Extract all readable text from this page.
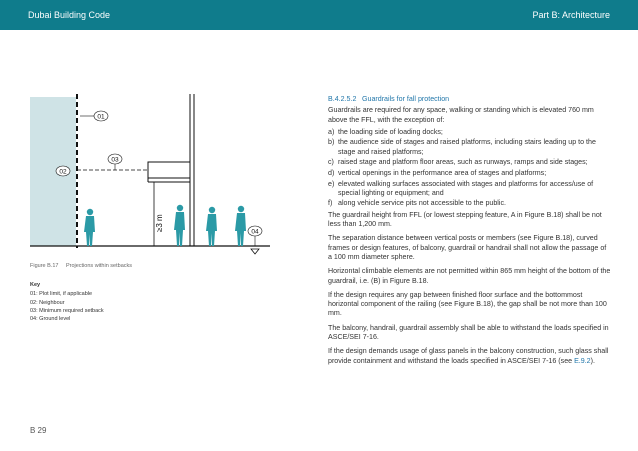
Dubai Building Code	Part B: Architecture
≥3 m
01
02
03
04
Figure B.17 Projections within setbacks
Key
01: Plot limit, if applicable
02: Neighbour
03: Minimum required setback
04: Ground level
B 29
B.4.2.5.2 Guardrails for fall protection
Guardrails are required for any space, walking or standing which is elevated 760 mm above the FFL, with the exception of:
a) the loading side of loading docks;
b) the audience side of stages and raised platforms, including stairs leading up to the stage and raised platforms;
c) raised stage and platform floor areas, such as runways, ramps and side stages;
d) vertical openings in the performance area of stages and platforms;
e) elevated walking surfaces associated with stages and platforms for access/use of special lighting or equipment; and
f) along vehicle service pits not accessible to the public.
The guardrail height from FFL (or lowest stepping feature, A in Figure B.18) shall be not less than 1,200 mm.
The separation distance between vertical posts or members (see Figure B.18), curved frames or design features, of balcony, guardrail or handrail shall not allow the passage of a 100 mm diameter sphere.
Horizontal climbable elements are not permitted within 865 mm height of the bottom of the guardrail, i.e. (B) in Figure B.18.
If the design requires any gap between finished floor surface and the bottommost horizontal component of the railing (see Figure B.18), the gap shall be not more than 100 mm.
The balcony, handrail, guardrail assembly shall be able to withstand the loads specified in ASCE/SEI 7-16.
If the design demands usage of glass panels in the balcony construction, such glass shall provide containment and withstand the loads specified in ASCE/SEI 7-16 (see E.9.2).
